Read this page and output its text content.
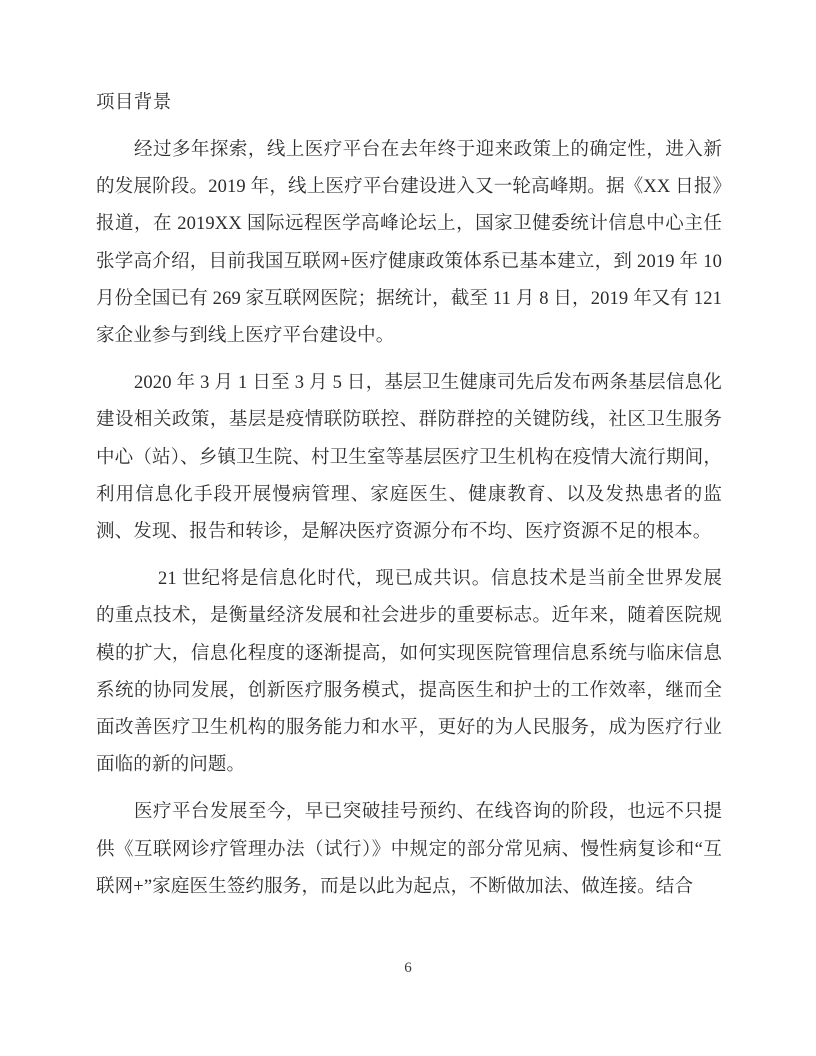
项目背景

经过多年探索，线上医疗平台在去年终于迎来政策上的确定性，进入新的发展阶段。2019 年，线上医疗平台建设进入又一轮高峰期。据《XX 日报》报道，在 2019XX 国际远程医学高峰论坛上，国家卫健委统计信息中心主任张学高介绍，目前我国互联网+医疗健康政策体系已基本建立，到 2019 年 10 月份全国已有 269 家互联网医院；据统计，截至 11 月 8 日，2019 年又有 121 家企业参与到线上医疗平台建设中。

2020 年 3 月 1 日至 3 月 5 日，基层卫生健康司先后发布两条基层信息化建设相关政策，基层是疫情联防联控、群防群控的关键防线，社区卫生服务中心（站）、乡镇卫生院、村卫生室等基层医疗卫生机构在疫情大流行期间，利用信息化手段开展慢病管理、家庭医生、健康教育、以及发热患者的监测、发现、报告和转诊，是解决医疗资源分布不均、医疗资源不足的根本。

21 世纪将是信息化时代，现已成共识。信息技术是当前全世界发展的重点技术，是衡量经济发展和社会进步的重要标志。近年来，随着医院规模的扩大，信息化程度的逐渐提高，如何实现医院管理信息系统与临床信息系统的协同发展，创新医疗服务模式，提高医生和护士的工作效率，继而全面改善医疗卫生机构的服务能力和水平，更好的为人民服务，成为医疗行业面临的新的问题。

医疗平台发展至今，早已突破挂号预约、在线咨询的阶段，也远不只提供《互联网诊疗管理办法（试行）》中规定的部分常见病、慢性病复诊和“互联网+”家庭医生签约服务，而是以此为起点，不断做加法、做连接。结合

6
